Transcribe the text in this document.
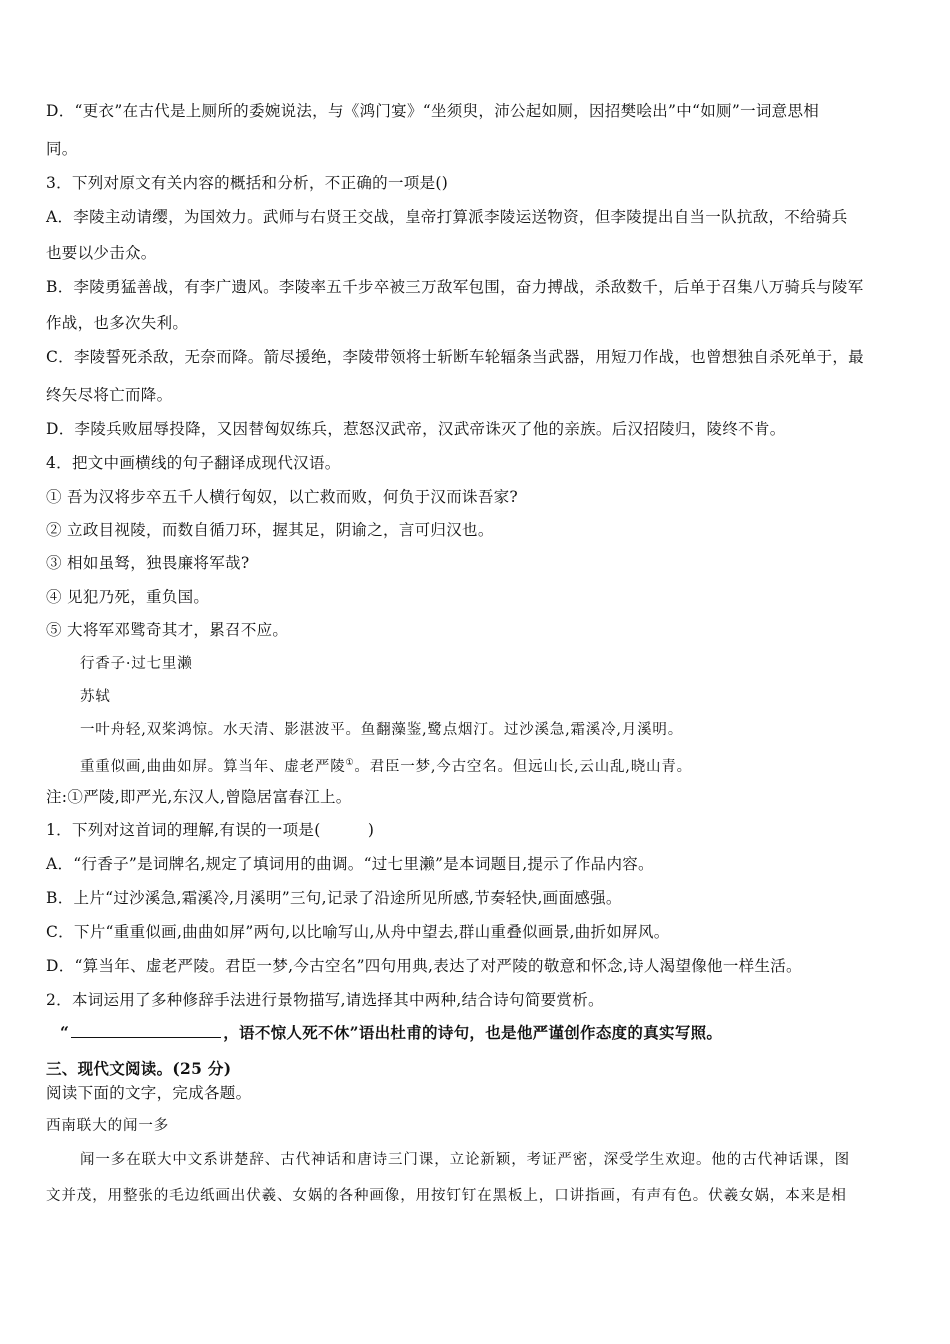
D．“更衣”在古代是上厕所的委婉说法，与《鸿门宴》“坐须臾，沛公起如厕，因招樊哙出”中“如厕”一词意思相
同。
3．下列对原文有关内容的概括和分析，不正确的一项是()
A．李陵主动请缨，为国效力。武师与右贤王交战，皇帝打算派李陵运送物资，但李陵提出自当一队抗敌，不给骑兵
也要以少击众。
B．李陵勇猛善战，有李广遗风。李陵率五千步卒被三万敌军包围，奋力搏战，杀敌数千，后单于召集八万骑兵与陵军
作战，也多次失利。
C．李陵誓死杀敌，无奈而降。箭尽援绝，李陵带领将士斩断车轮辐条当武器，用短刀作战，也曾想独自杀死单于，最
终矢尽将亡而降。
D．李陵兵败屈辱投降，又因替匈奴练兵，惹怒汉武帝，汉武帝诛灭了他的亲族。后汉招陵归，陵终不肯。
4．把文中画横线的句子翻译成现代汉语。
① 吾为汉将步卒五千人横行匈奴，以亡救而败，何负于汉而诛吾家?
② 立政目视陵，而数自循刀环，握其足，阴谕之，言可归汉也。
③ 相如虽驽，独畏廉将军哉?
④ 见犯乃死，重负国。
⑤ 大将军邓骘奇其才，累召不应。
行香子·过七里濑
苏轼
一叶舟轻,双桨鸿惊。水天清、影湛波平。鱼翻藻鉴,鹭点烟汀。过沙溪急,霜溪冷,月溪明。
重重似画,曲曲如屏。算当年、虚老严陵①。君臣一梦,今古空名。但远山长,云山乱,晓山青。
注:①严陵,即严光,东汉人,曾隐居富春江上。
1．下列对这首词的理解,有误的一项是(　　　)
A．“行香子”是词牌名,规定了填词用的曲调。“过七里濑”是本词题目,提示了作品内容。
B．上片“过沙溪急,霜溪冷,月溪明”三句,记录了沿途所见所感,节奏轻快,画面感强。
C．下片“重重似画,曲曲如屏”两句,以比喻写山,从舟中望去,群山重叠似画景,曲折如屏风。
D．“算当年、虚老严陵。君臣一梦,今古空名”四句用典,表达了对严陵的敬意和怀念,诗人渴望像他一样生活。
2．本词运用了多种修辞手法进行景物描写,请选择其中两种,结合诗句简要赏析。
“	，语不惊人死不休”语出杜甫的诗句，也是他严谨创作态度的真实写照。
三、现代文阅读。(25 分)
阅读下面的文字，完成各题。
西南联大的闻一多
闻一多在联大中文系讲楚辞、古代神话和唐诗三门课，立论新颖，考证严密，深受学生欢迎。他的古代神话课，图
文并茂，用整张的毛边纸画出伏羲、女娲的各种画像，用按钉钉在黑板上，口讲指画，有声有色。伏羲女娲，本来是相
